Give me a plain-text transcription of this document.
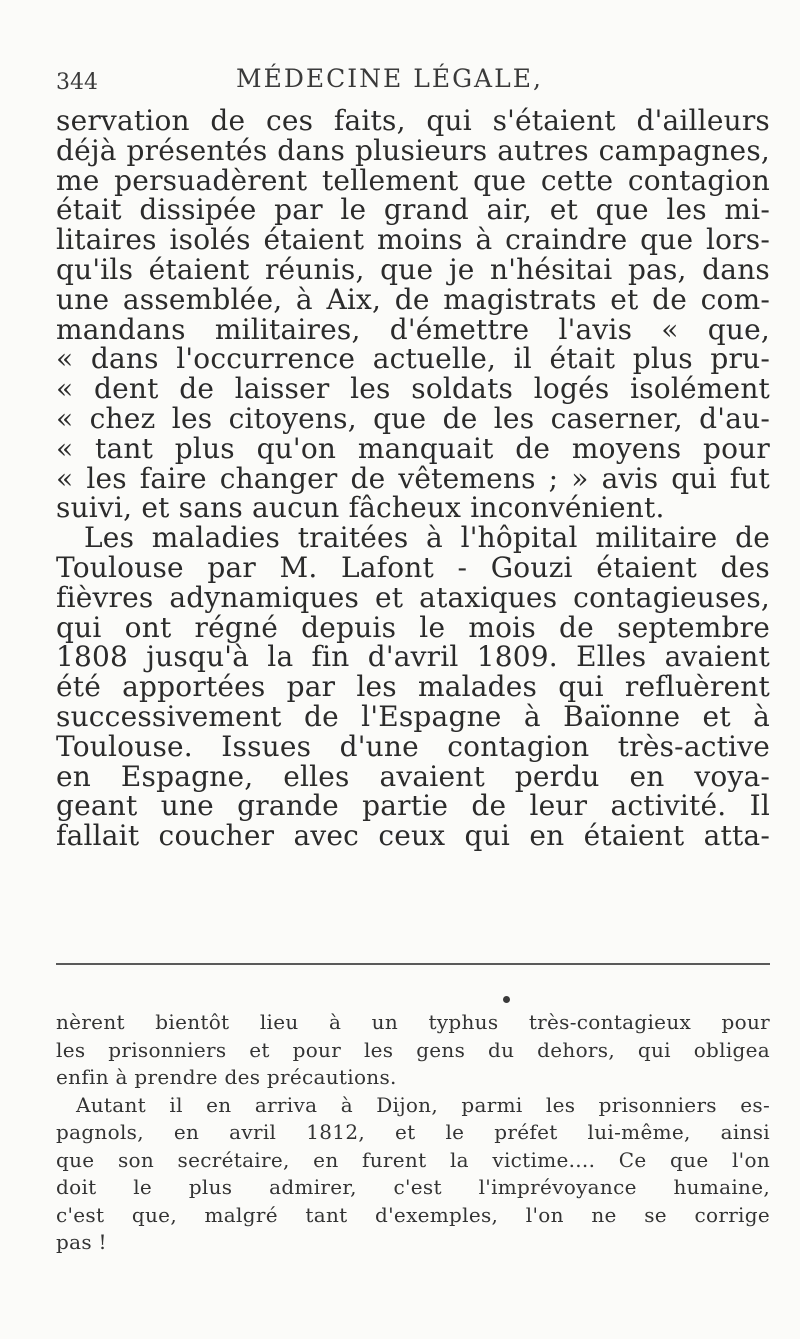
344	MÉDECINE LÉGALE,
servation de ces faits, qui s'étaient d'ailleurs
déjà présentés dans plusieurs autres campagnes,
me persuadèrent tellement que cette contagion
était dissipée par le grand air, et que les mi-
litaires isolés étaient moins à craindre que lors-
qu'ils étaient réunis, que je n'hésitai pas, dans
une assemblée, à Aix, de magistrats et de com-
mandans militaires, d'émettre l'avis « que,
« dans l'occurrence actuelle, il était plus pru-
« dent de laisser les soldats logés isolément
« chez les citoyens, que de les caserner, d'au-
« tant plus qu'on manquait de moyens pour
« les faire changer de vêtemens ; » avis qui fut
suivi, et sans aucun fâcheux inconvénient.
Les maladies traitées à l'hôpital militaire de
Toulouse par M. Lafont - Gouzi étaient des
fièvres adynamiques et ataxiques contagieuses,
qui ont régné depuis le mois de septembre
1808 jusqu'à la fin d'avril 1809. Elles avaient
été apportées par les malades qui refluèrent
successivement de l'Espagne à Baïonne et à
Toulouse. Issues d'une contagion très-active
en Espagne, elles avaient perdu en voya-
geant une grande partie de leur activité. Il
fallait coucher avec ceux qui en étaient atta-
nèrent bientôt lieu à un typhus très-contagieux pour
les prisonniers et pour les gens du dehors, qui obligea
enfin à prendre des précautions.
Autant il en arriva à Dijon, parmi les prisonniers es-
pagnols, en avril 1812, et le préfet lui-même, ainsi
que son secrétaire, en furent la victime.... Ce que l'on
doit le plus admirer, c'est l'imprévoyance humaine,
c'est que, malgré tant d'exemples, l'on ne se corrige
pas !
